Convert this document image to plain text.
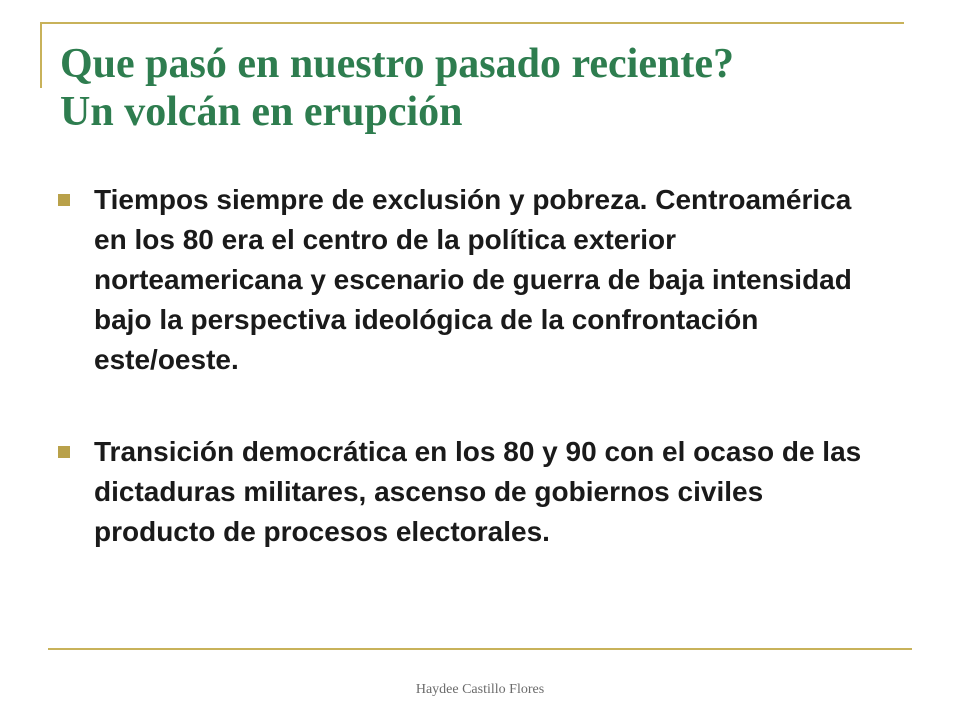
Que pasó en nuestro pasado reciente?
Un volcán en erupción
Tiempos siempre de exclusión y pobreza. Centroamérica en los 80 era el centro de la política exterior norteamericana y escenario de guerra de baja intensidad bajo la perspectiva ideológica de la confrontación este/oeste.
Transición democrática en los 80 y 90 con el ocaso de las dictaduras militares, ascenso de gobiernos civiles producto de procesos electorales.
Haydee Castillo Flores
